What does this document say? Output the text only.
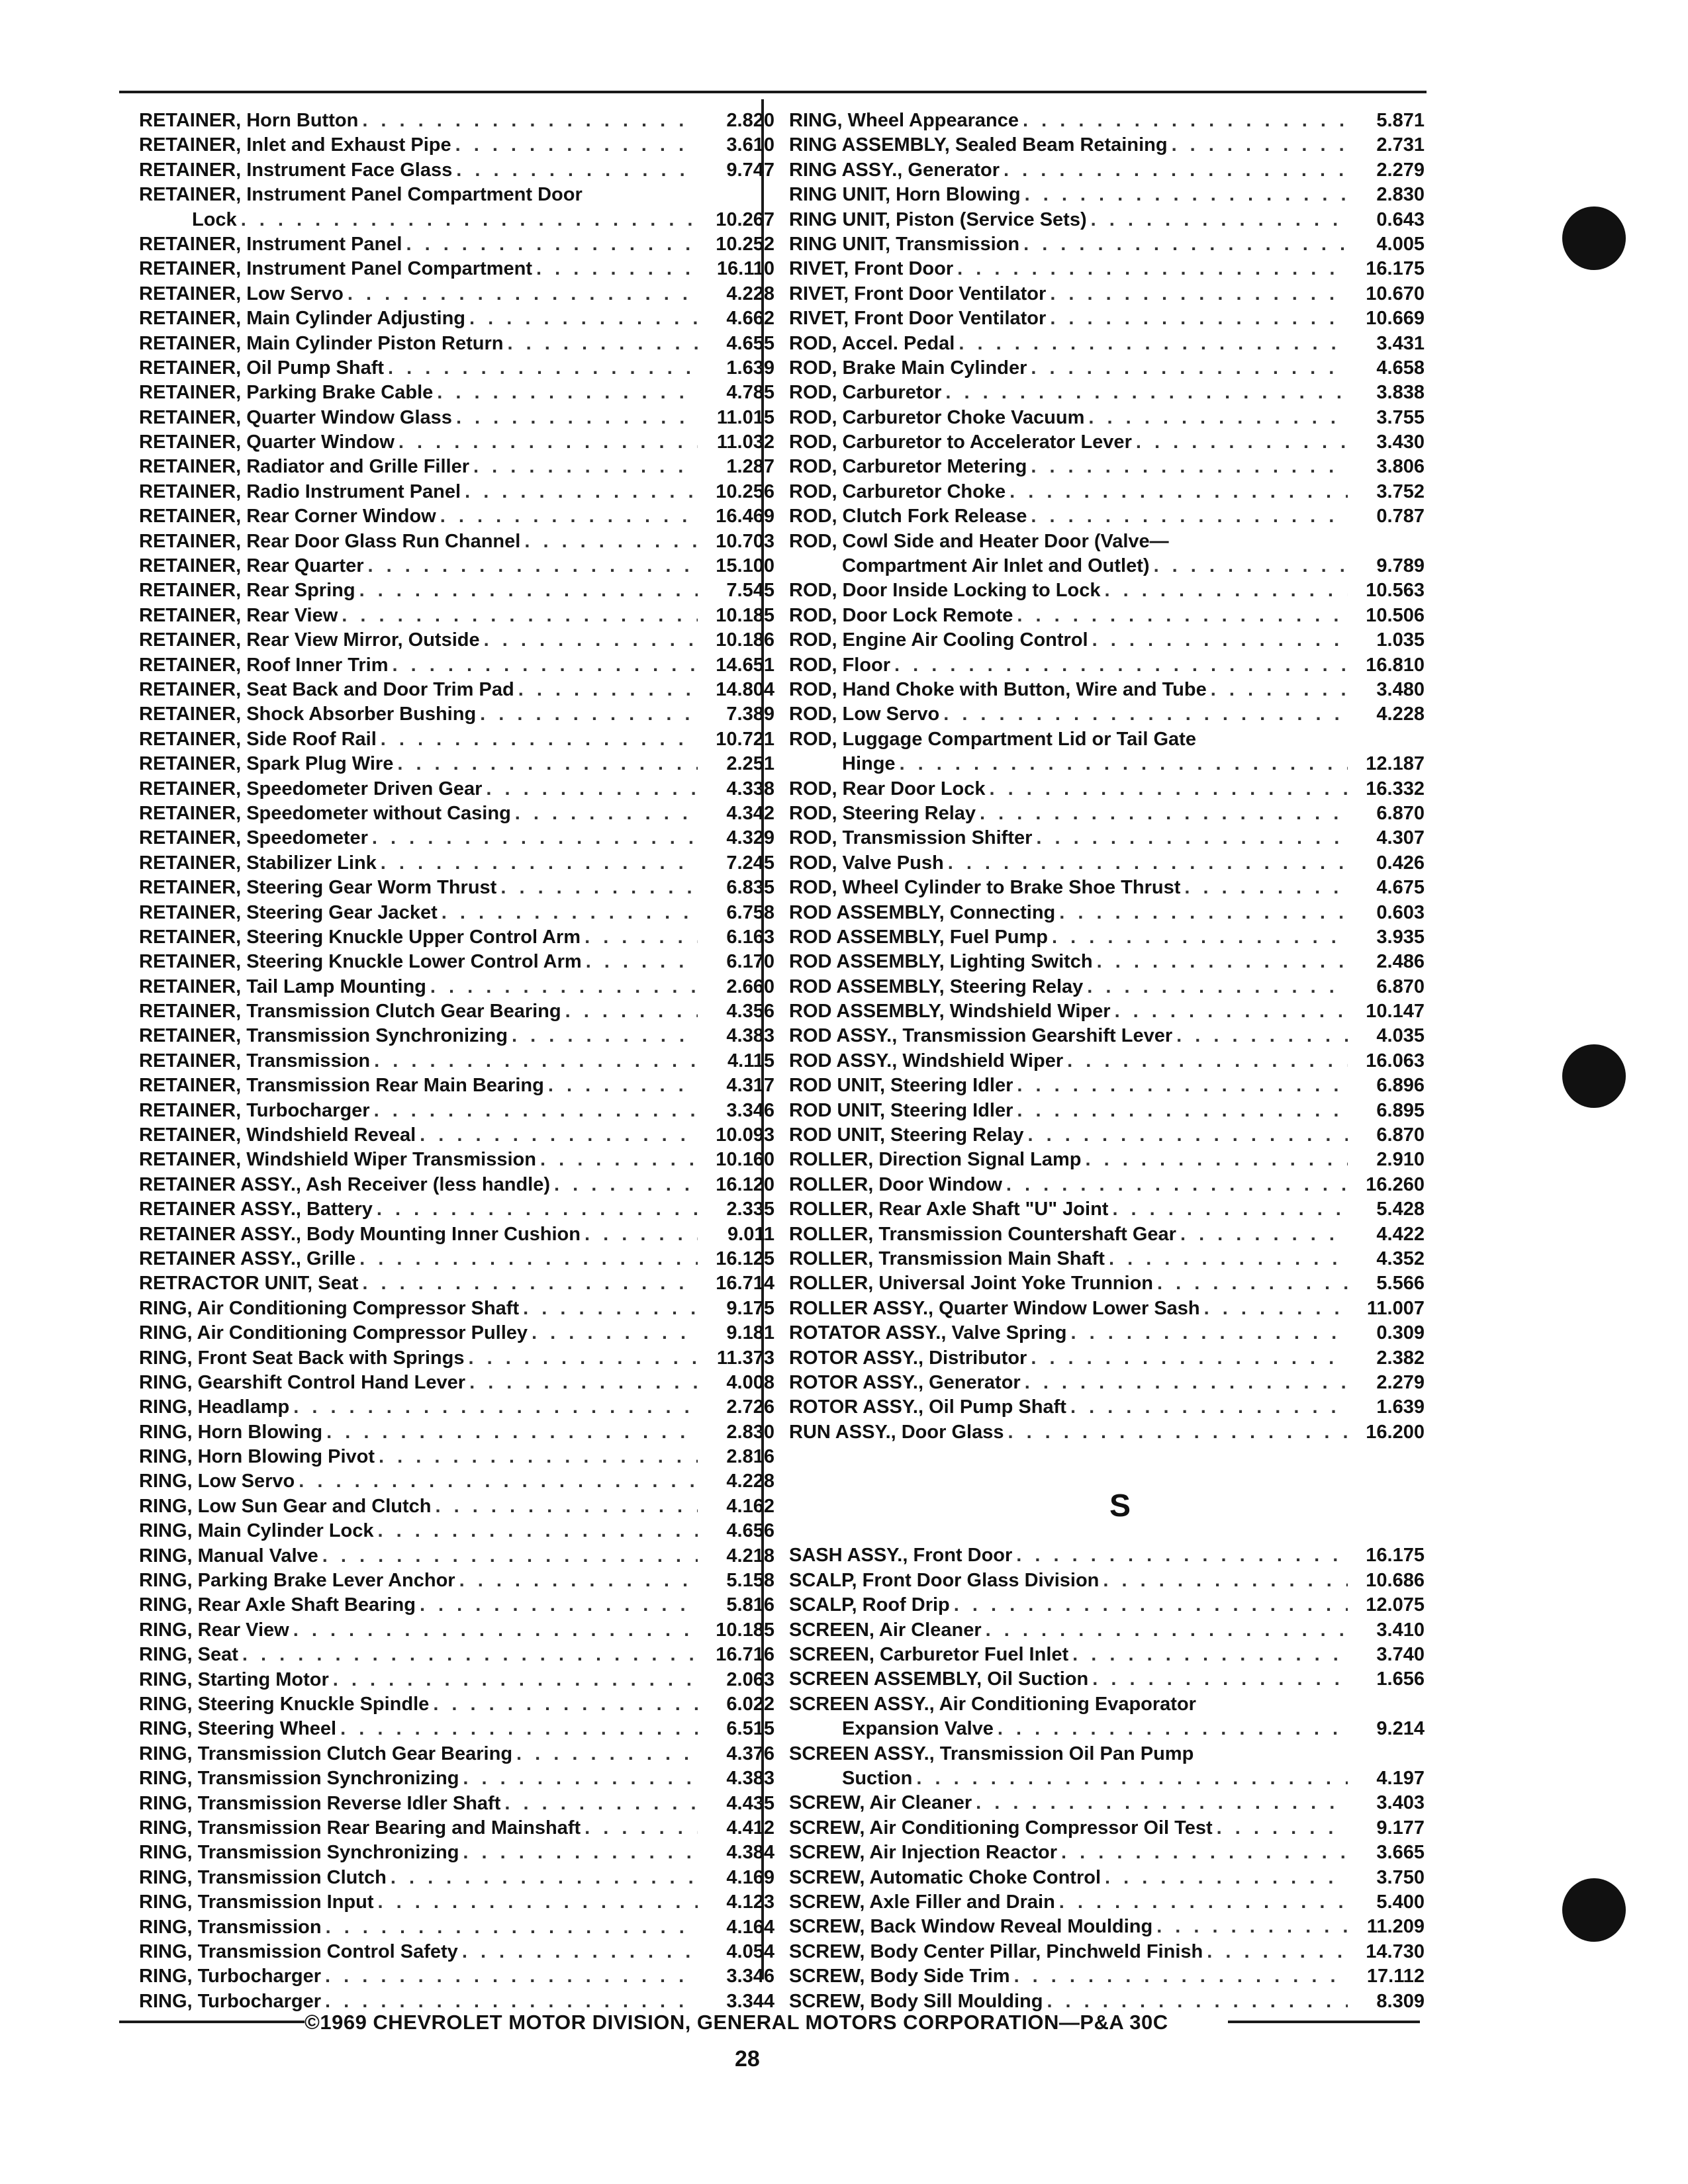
RETAINER, Horn Button . . .	2.820
RETAINER, Inlet and Exhaust Pipe . . .	3.610
RETAINER, Instrument Face Glass . . .	9.747
RETAINER, Instrument Panel Compartment Door
Lock . . .	10.267
RETAINER, Instrument Panel . . .	10.252
RETAINER, Instrument Panel Compartment . . .	16.110
RETAINER, Low Servo . . .	4.228
RETAINER, Main Cylinder Adjusting . . .	4.662
RETAINER, Main Cylinder Piston Return . . .	4.655
RETAINER, Oil Pump Shaft . . .	1.639
RETAINER, Parking Brake Cable . . .	4.785
RETAINER, Quarter Window Glass . . .	11.015
RETAINER, Quarter Window . . .	11.032
RETAINER, Radiator and Grille Filler . . .	1.287
RETAINER, Radio Instrument Panel . . .	10.256
RETAINER, Rear Corner Window . . .	16.469
RETAINER, Rear Door Glass Run Channel . . .	10.703
RETAINER, Rear Quarter . . .	15.100
RETAINER, Rear Spring . . .	7.545
RETAINER, Rear View . . .	10.185
RETAINER, Rear View Mirror, Outside . . .	10.186
RETAINER, Roof Inner Trim . . .	14.651
RETAINER, Seat Back and Door Trim Pad . . .	14.804
RETAINER, Shock Absorber Bushing . . .	7.389
RETAINER, Side Roof Rail . . .	10.721
RETAINER, Spark Plug Wire . . .	2.251
RETAINER, Speedometer Driven Gear . . .	4.338
RETAINER, Speedometer without Casing . . .	4.342
RETAINER, Speedometer . . .	4.329
RETAINER, Stabilizer Link . . .	7.245
RETAINER, Steering Gear Worm Thrust . . .	6.835
RETAINER, Steering Gear Jacket . . .	6.758
RETAINER, Steering Knuckle Upper Control Arm . . .	6.163
RETAINER, Steering Knuckle Lower Control Arm . . .	6.170
RETAINER, Tail Lamp Mounting . . .	2.660
RETAINER, Transmission Clutch Gear Bearing . . .	4.356
RETAINER, Transmission Synchronizing . . .	4.383
RETAINER, Transmission . . .	4.115
RETAINER, Transmission Rear Main Bearing . . .	4.317
RETAINER, Turbocharger . . .	3.346
RETAINER, Windshield Reveal . . .	10.093
RETAINER, Windshield Wiper Transmission . . .	10.160
RETAINER ASSY., Ash Receiver (less handle) . . .	16.120
RETAINER ASSY., Battery . . .	2.335
RETAINER ASSY., Body Mounting Inner Cushion . . .	9.011
RETAINER ASSY., Grille . . .	16.125
RETRACTOR UNIT, Seat . . .	16.714
RING, Air Conditioning Compressor Shaft . . .	9.175
RING, Air Conditioning Compressor Pulley . . .	9.181
RING, Front Seat Back with Springs . . .	11.373
RING, Gearshift Control Hand Lever . . .	4.008
RING, Headlamp . . .	2.726
RING, Horn Blowing . . .	2.830
RING, Horn Blowing Pivot . . .	2.816
RING, Low Servo . . .	4.228
RING, Low Sun Gear and Clutch . . .	4.162
RING, Main Cylinder Lock . . .	4.656
RING, Manual Valve . . .	4.218
RING, Parking Brake Lever Anchor . . .	5.158
RING, Rear Axle Shaft Bearing . . .	5.816
RING, Rear View . . .	10.185
RING, Seat . . .	16.716
RING, Starting Motor . . .	2.063
RING, Steering Knuckle Spindle . . .	6.022
RING, Steering Wheel . . .	6.515
RING, Transmission Clutch Gear Bearing . . .	4.376
RING, Transmission Synchronizing . . .	4.383
RING, Transmission Reverse Idler Shaft . . .	4.435
RING, Transmission Rear Bearing and Mainshaft . . .	4.412
RING, Transmission Synchronizing . . .	4.384
RING, Transmission Clutch . . .	4.169
RING, Transmission Input . . .	4.123
RING, Transmission . . .	4.164
RING, Transmission Control Safety . . .	4.054
RING, Turbocharger . . .	3.346
RING, Turbocharger . . .	3.344
RING, Wheel Appearance . . .	5.871
RING ASSEMBLY, Sealed Beam Retaining . . .	2.731
RING ASSY., Generator . . .	2.279
RING UNIT, Horn Blowing . . .	2.830
RING UNIT, Piston (Service Sets) . . .	0.643
RING UNIT, Transmission . . .	4.005
RIVET, Front Door . . .	16.175
RIVET, Front Door Ventilator . . .	10.670
RIVET, Front Door Ventilator . . .	10.669
ROD, Accel. Pedal . . .	3.431
ROD, Brake Main Cylinder . . .	4.658
ROD, Carburetor . . .	3.838
ROD, Carburetor Choke Vacuum . . .	3.755
ROD, Carburetor to Accelerator Lever . . .	3.430
ROD, Carburetor Metering . . .	3.806
ROD, Carburetor Choke . . .	3.752
ROD, Clutch Fork Release . . .	0.787
ROD, Cowl Side and Heater Door (Valve—
Compartment Air Inlet and Outlet) . . .	9.789
ROD, Door Inside Locking to Lock . . .	10.563
ROD, Door Lock Remote . . .	10.506
ROD, Engine Air Cooling Control . . .	1.035
ROD, Floor . . .	16.810
ROD, Hand Choke with Button, Wire and Tube . . .	3.480
ROD, Low Servo . . .	4.228
ROD, Luggage Compartment Lid or Tail Gate
Hinge . . .	12.187
ROD, Rear Door Lock . . .	16.332
ROD, Steering Relay . . .	6.870
ROD, Transmission Shifter . . .	4.307
ROD, Valve Push . . .	0.426
ROD, Wheel Cylinder to Brake Shoe Thrust . . .	4.675
ROD ASSEMBLY, Connecting . . .	0.603
ROD ASSEMBLY, Fuel Pump . . .	3.935
ROD ASSEMBLY, Lighting Switch . . .	2.486
ROD ASSEMBLY, Steering Relay . . .	6.870
ROD ASSEMBLY, Windshield Wiper . . .	10.147
ROD ASSY., Transmission Gearshift Lever . . .	4.035
ROD ASSY., Windshield Wiper . . .	16.063
ROD UNIT, Steering Idler . . .	6.896
ROD UNIT, Steering Idler . . .	6.895
ROD UNIT, Steering Relay . . .	6.870
ROLLER, Direction Signal Lamp . . .	2.910
ROLLER, Door Window . . .	16.260
ROLLER, Rear Axle Shaft "U" Joint . . .	5.428
ROLLER, Transmission Countershaft Gear . . .	4.422
ROLLER, Transmission Main Shaft . . .	4.352
ROLLER, Universal Joint Yoke Trunnion . . .	5.566
ROLLER ASSY., Quarter Window Lower Sash . . .	11.007
ROTATOR ASSY., Valve Spring . . .	0.309
ROTOR ASSY., Distributor . . .	2.382
ROTOR ASSY., Generator . . .	2.279
ROTOR ASSY., Oil Pump Shaft . . .	1.639
RUN ASSY., Door Glass . . .	16.200
S
SASH ASSY., Front Door . . .	16.175
SCALP, Front Door Glass Division . . .	10.686
SCALP, Roof Drip . . .	12.075
SCREEN, Air Cleaner . . .	3.410
SCREEN, Carburetor Fuel Inlet . . .	3.740
SCREEN ASSEMBLY, Oil Suction . . .	1.656
SCREEN ASSY., Air Conditioning Evaporator
Expansion Valve . . .	9.214
SCREEN ASSY., Transmission Oil Pan Pump
Suction . . .	4.197
SCREW, Air Cleaner . . .	3.403
SCREW, Air Conditioning Compressor Oil Test . . .	9.177
SCREW, Air Injection Reactor . . .	3.665
SCREW, Automatic Choke Control . . .	3.750
SCREW, Axle Filler and Drain . . .	5.400
SCREW, Back Window Reveal Moulding . . .	11.209
SCREW, Body Center Pillar, Pinchweld Finish . . .	14.730
SCREW, Body Side Trim . . .	17.112
SCREW, Body Sill Moulding . . .	8.309
©1969 CHEVROLET MOTOR DIVISION, GENERAL MOTORS CORPORATION—P&A 30C
28
